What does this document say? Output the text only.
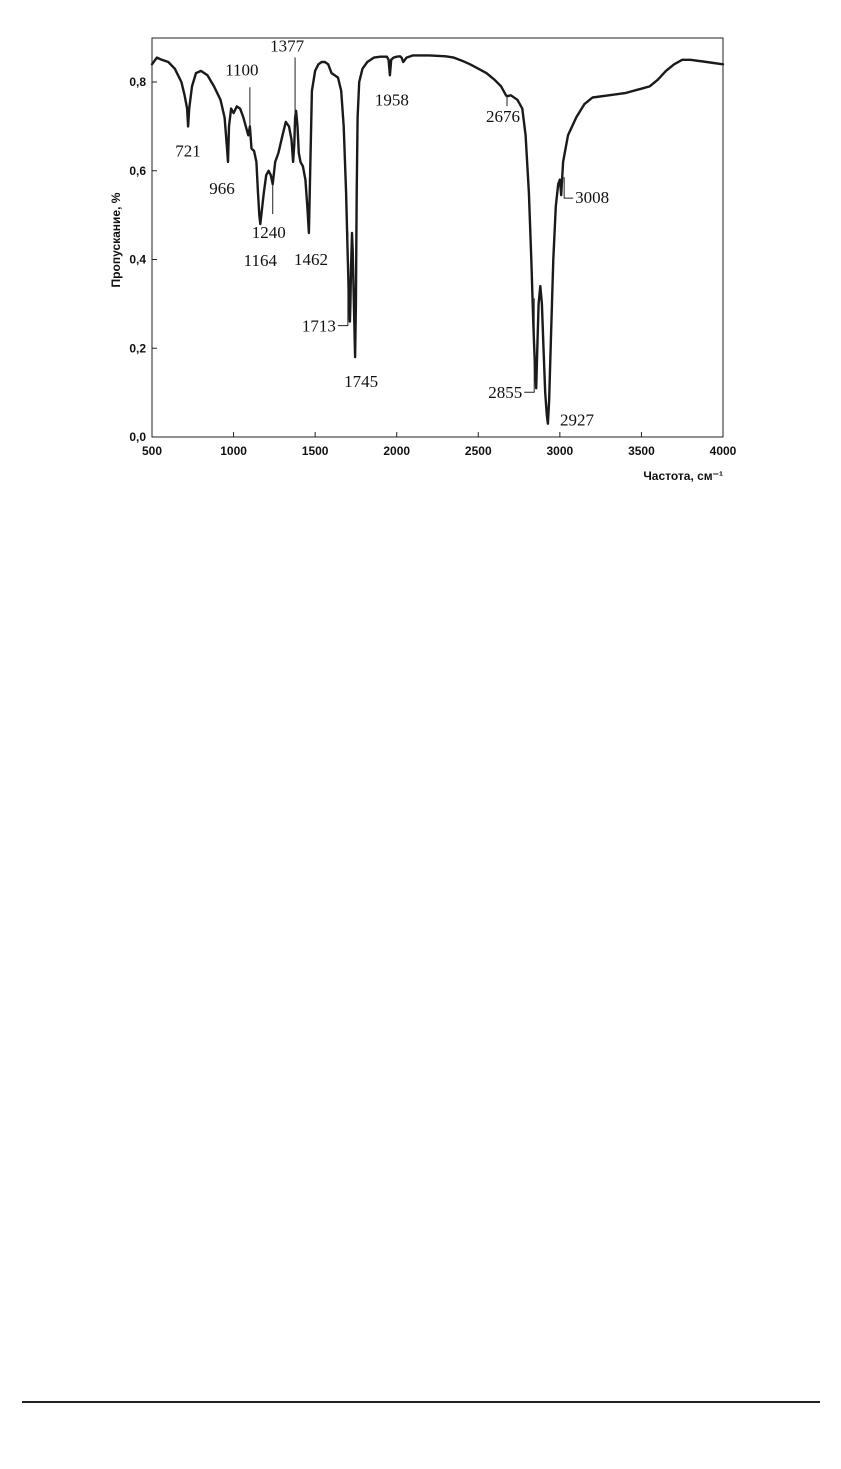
0,0
0,2
0,4
0,6
0,8
500	1000	1500	2000	2500	3000	3500	4000
721
966
1100
1164
1240
1377
1462
1713
1745
1958
2676
2855
2927
3008
Пропускание, %
Частота, см⁻¹
